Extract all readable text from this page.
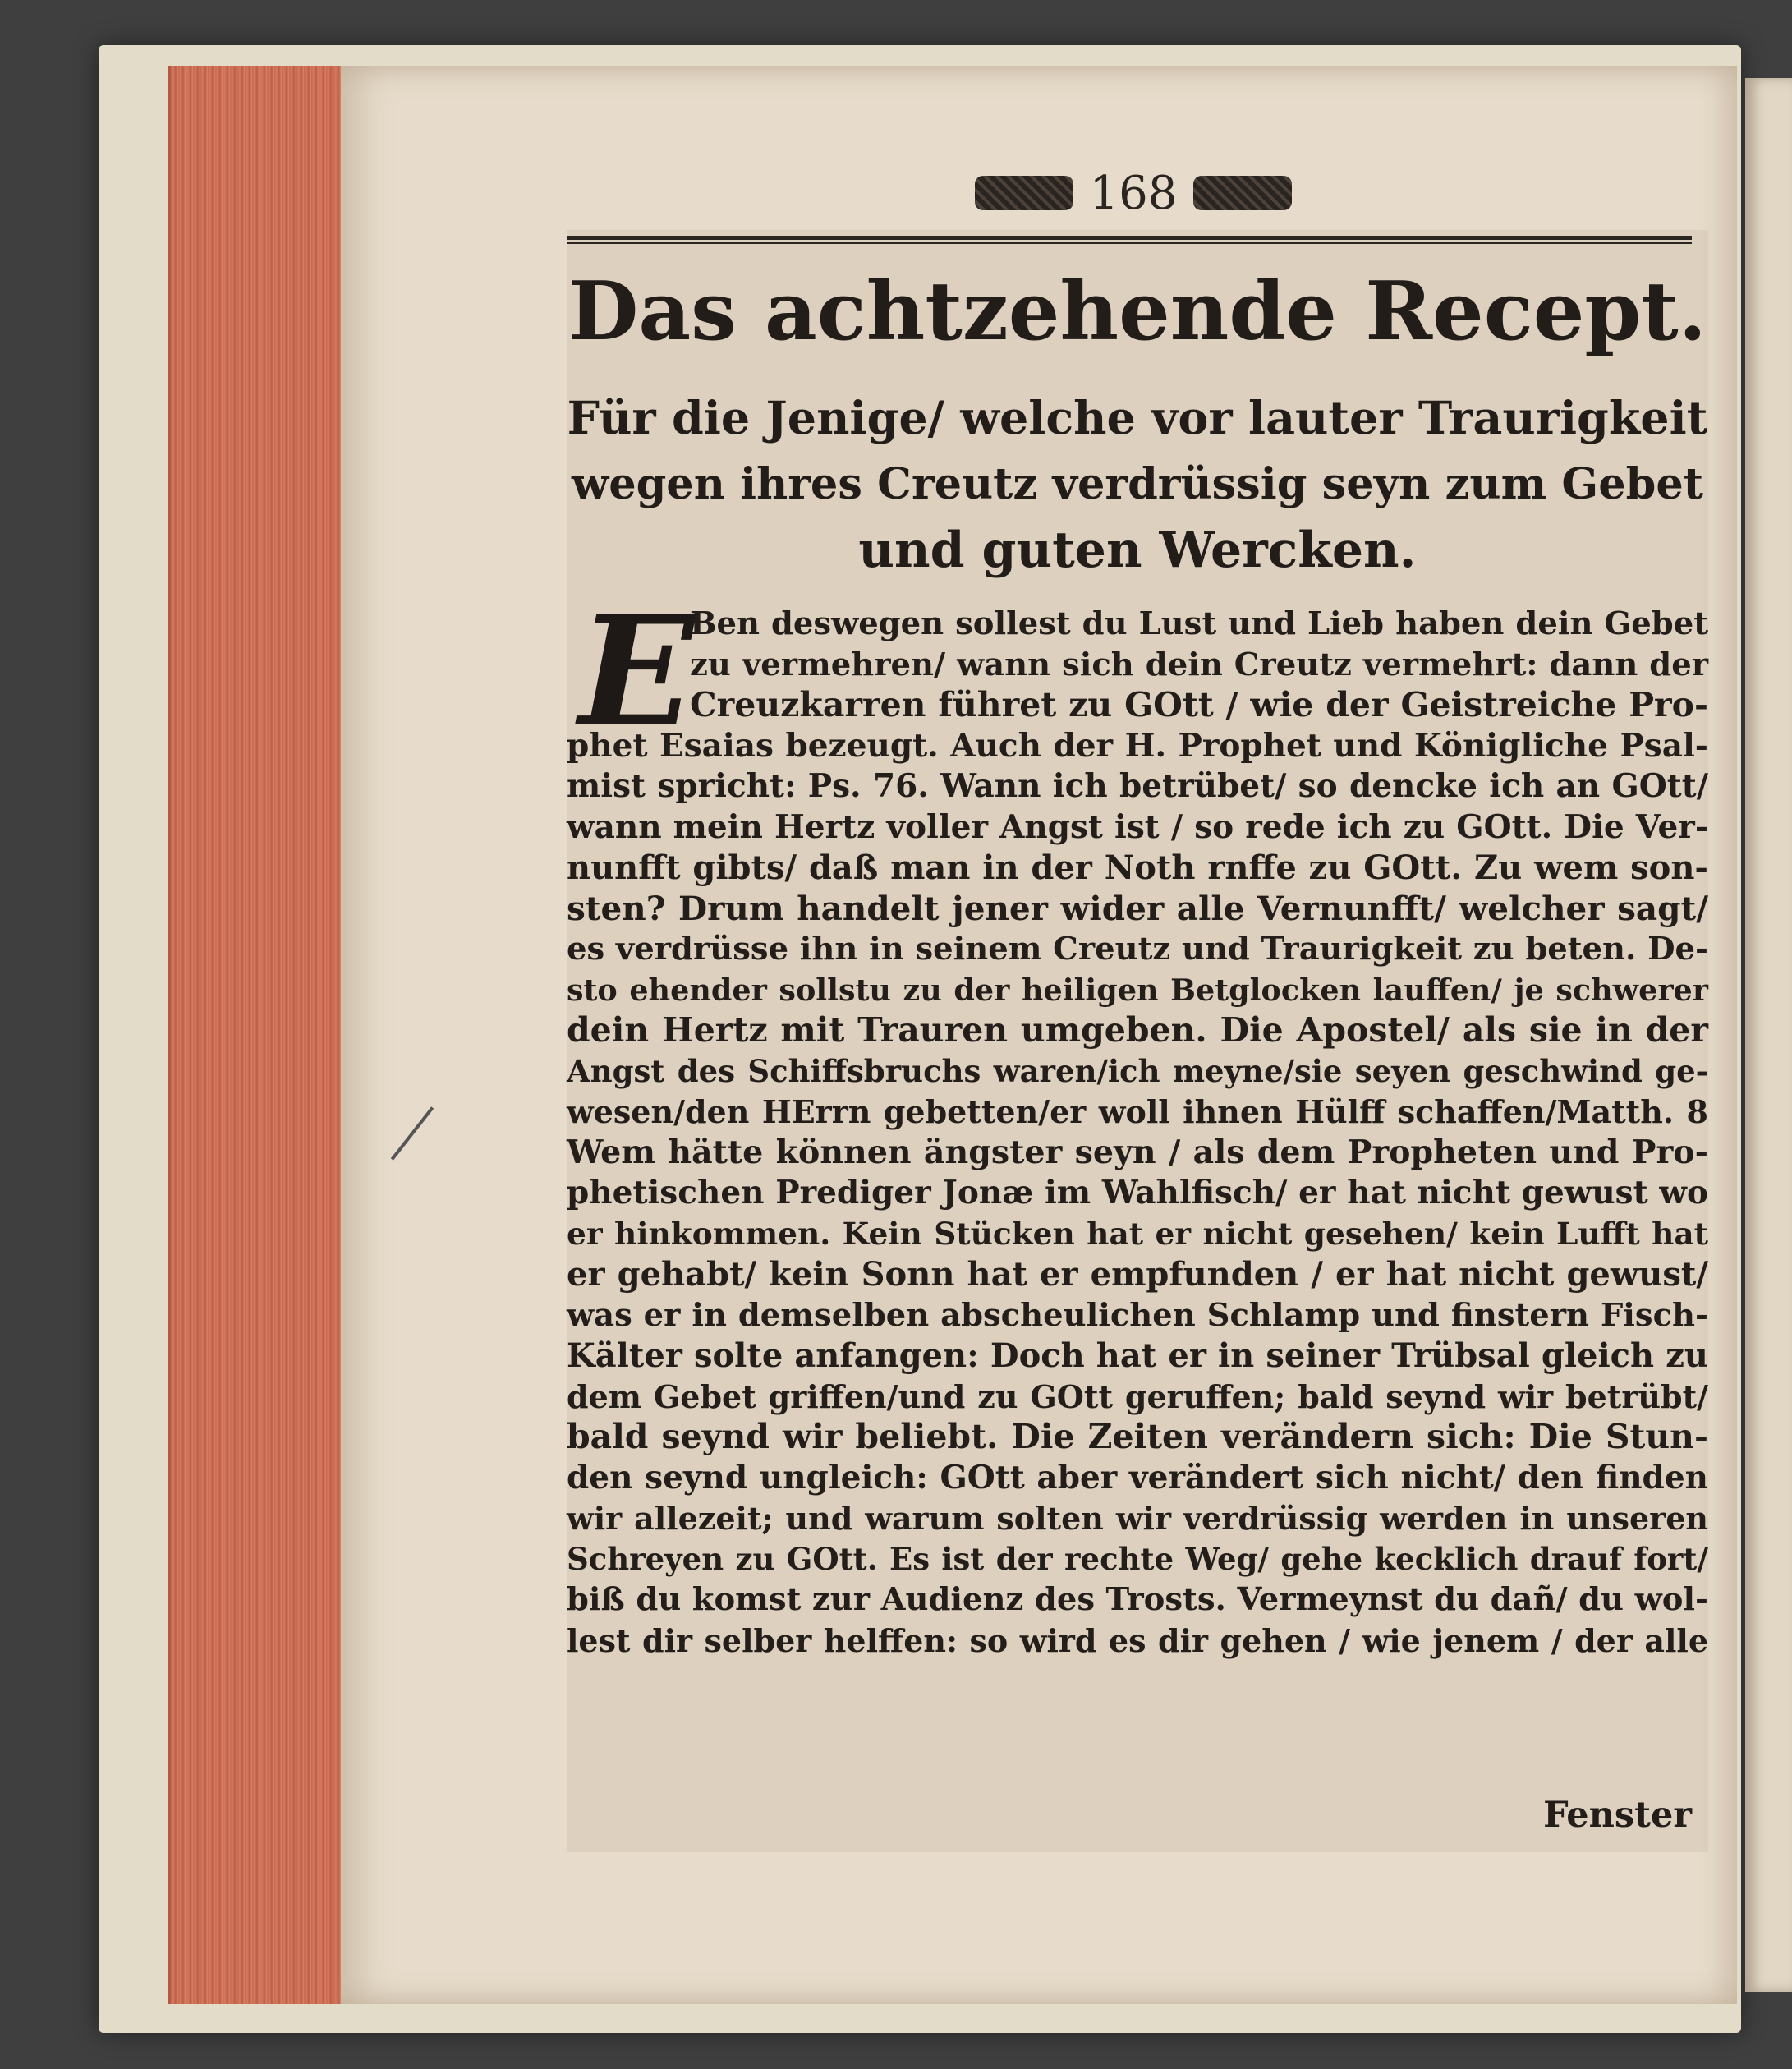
168
Das achtzehende Recept.
Für die Jenige/ welche vor lauter Traurigkeit
wegen ihres Creutz verdrüssig seyn zum Gebet
und guten Wercken.
E
Ben deswegen sollest du Lust und Lieb haben dein Gebet
zu vermehren/ wann sich dein Creutz vermehrt: dann der
Creuzkarren führet zu GOtt / wie der Geistreiche Pro-
phet Esaias bezeugt. Auch der H. Prophet und Königliche Psal-
mist spricht: Ps. 76. Wann ich betrübet/ so dencke ich an GOtt/
wann mein Hertz voller Angst ist / so rede ich zu GOtt. Die Ver-
nunfft gibts/ daß man in der Noth rnffe zu GOtt. Zu wem son-
sten? Drum handelt jener wider alle Vernunfft/ welcher sagt/
es verdrüsse ihn in seinem Creutz und Traurigkeit zu beten. De-
sto ehender sollstu zu der heiligen Betglocken lauffen/ je schwerer
dein Hertz mit Trauren umgeben. Die Apostel/ als sie in der
Angst des Schiffsbruchs waren/ich meyne/sie seyen geschwind ge-
wesen/den HErrn gebetten/er woll ihnen Hülff schaffen/Matth. 8
Wem hätte können ängster seyn / als dem Propheten und Pro-
phetischen Prediger Jonæ im Wahlfisch/ er hat nicht gewust wo
er hinkommen. Kein Stücken hat er nicht gesehen/ kein Lufft hat
er gehabt/ kein Sonn hat er empfunden / er hat nicht gewust/
was er in demselben abscheulichen Schlamp und finstern Fisch-
Kälter solte anfangen: Doch hat er in seiner Trübsal gleich zu
dem Gebet griffen/und zu GOtt geruffen; bald seynd wir betrübt/
bald seynd wir beliebt. Die Zeiten verändern sich: Die Stun-
den seynd ungleich: GOtt aber verändert sich nicht/ den finden
wir allezeit; und warum solten wir verdrüssig werden in unseren
Schreyen zu GOtt. Es ist der rechte Weg/ gehe kecklich drauf fort/
biß du komst zur Audienz des Trosts. Vermeynst du dañ/ du wol-
lest dir selber helffen: so wird es dir gehen / wie jenem / der alle
Fenster
